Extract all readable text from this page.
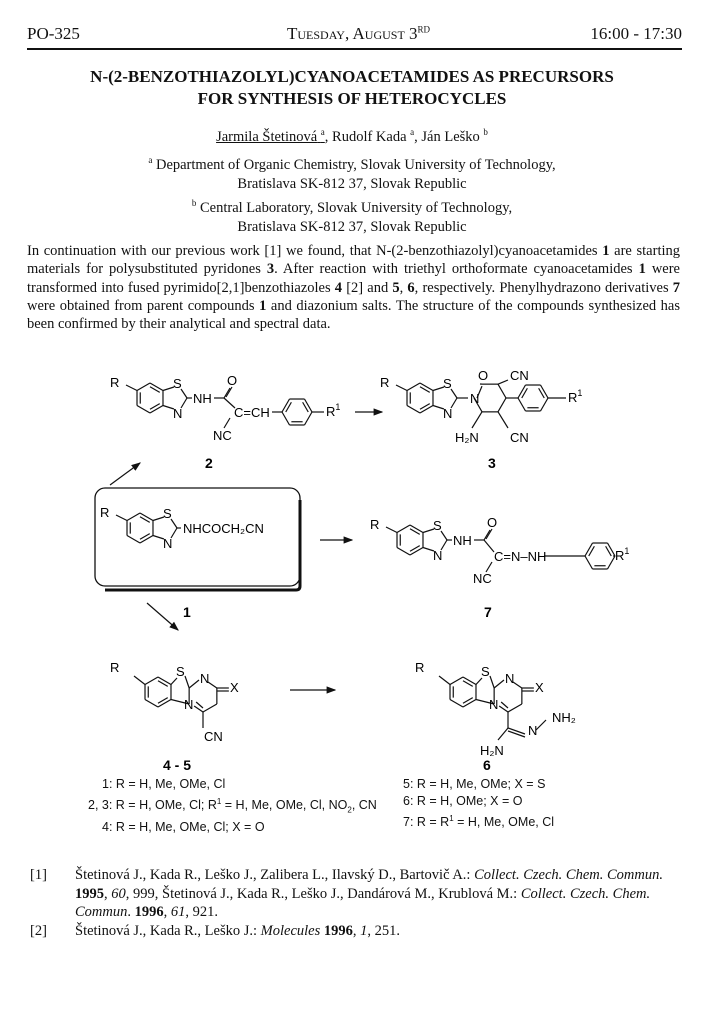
PO-325	Tuesday, August 3RD	16:00 - 17:30
N-(2-BENZOTHIAZOLYL)CYANOACETAMIDES AS PRECURSORS
FOR SYNTHESIS OF HETEROCYCLES
Jarmila Štetinová $^a$, Rudolf Kada $^a$, Ján Leško $^b$
$^a$ Department of Organic Chemistry, Slovak University of Technology,
Bratislava SK-812 37, Slovak Republic
$^b$ Central Laboratory, Slovak University of Technology,
Bratislava SK-812 37, Slovak Republic
In continuation with our previous work [1] we found, that N-(2-benzothiazolyl)cyanoacetamides 1 are starting materials for polysubstituted pyridones 3. After reaction with triethyl orthoformate cyanoacetamides 1 were transformed into fused pyrimido[2,1]benzothiazoles 4 [2] and 5, 6, respectively. Phenylhydrazono derivatives 7 were obtained from parent compounds 1 and diazonium salts. The structure of the compounds synthesized has been confirmed by their analytical and spectral data.
R	S
N
NH
O
C=CH
NC
$R^1$
2
R	S
N
N
O CN
CN
H₂N
$R^1$
3
R	S
N
NHCOCH₂CN
1
R	S
N
NH
O
C=N–NH
NC
$R^1$
7
R	S
N
N
X
CN
4 - 5
R	S
N
N
X
N
NH₂
H₂N
6
1: R = H, Me, OMe, Cl
2, 3: R = H, OMe, Cl; $R^1 = H$, Me, OMe, Cl, $NO_2$, CN
4: R = H, Me, OMe, Cl; X = O
5: R = H, Me, OMe; X = S
6: R = H, OMe; X = O
7: $R = R^1 = H$, Me, OMe, Cl
[1] Štetinová J., Kada R., Leško J., Zalibera L., Ilavský D., Bartovič A.: Collect. Czech. Chem. Commun. 1995, 60, 999, Štetinová J., Kada R., Leško J., Dandárová M., Krublová M.: Collect. Czech. Chem. Commun. 1996, 61, 921.
[2] Štetinová J., Kada R., Leško J.: Molecules 1996, 1, 251.
